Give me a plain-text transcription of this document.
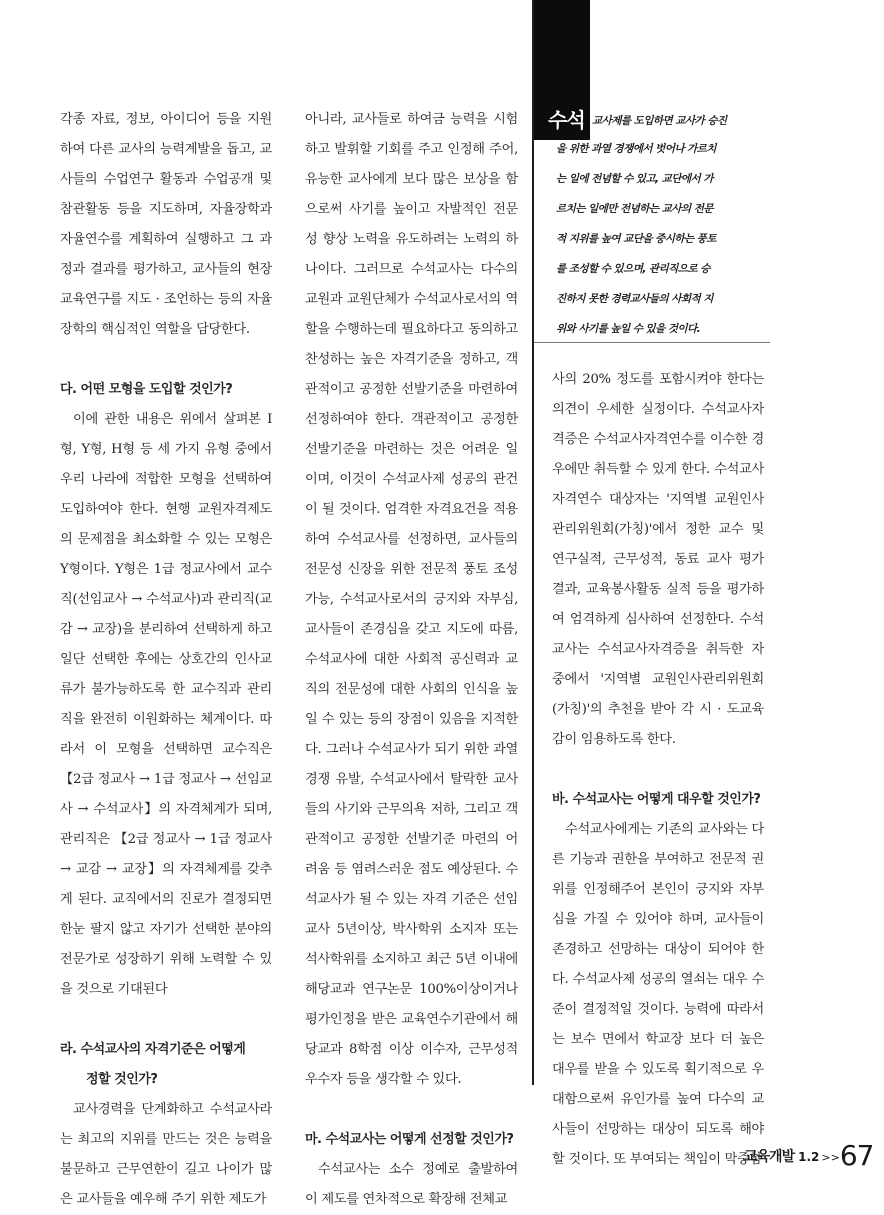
각종 자료, 정보, 아이디어 등을 지원하여 다른 교사의 능력계발을 돕고, 교사들의 수업연구 활동과 수업공개 및 참관활동 등을 지도하며, 자율장학과 자율연수를 계획하여 실행하고 그 과정과 결과를 평가하고, 교사들의 현장 교육연구를 지도 · 조언하는 등의 자율장학의 핵심적인 역할을 담당한다.

다. 어떤 모형을 도입할 것인가?

이에 관한 내용은 위에서 살펴본 I 형, Y형, H형 등 세 가지 유형 중에서 우리 나라에 적합한 모형을 선택하여 도입하여야 한다. 현행 교원자격제도의 문제점을 최소화할 수 있는 모형은 Y형이다. Y형은 1급 정교사에서 교수직(선임교사 → 수석교사)과 관리직(교감 → 교장)을 분리하여 선택하게 하고 일단 선택한 후에는 상호간의 인사교류가 불가능하도록 한 교수직과 관리직을 완전히 이원화하는 체계이다. 따라서 이 모형을 선택하면 교수직은 【2급 정교사 → 1급 정교사 → 선임교사 → 수석교사】의 자격체계가 되며, 관리직은 【2급 정교사 → 1급 정교사 → 교감 → 교장】의 자격체계를 갖추게 된다. 교직에서의 진로가 결정되면 한눈 팔지 않고 자기가 선택한 분야의 전문가로 성장하기 위해 노력할 수 있을 것으로 기대된다

라. 수석교사의 자격기준은 어떻게
정할 것인가?

교사경력을 단계화하고 수석교사라는 최고의 지위를 만드는 것은 능력을 불문하고 근무연한이 길고 나이가 많은 교사들을 예우해 주기 위한 제도가

아니라, 교사들로 하여금 능력을 시험하고 발휘할 기회를 주고 인정해 주어, 유능한 교사에게 보다 많은 보상을 함으로써 사기를 높이고 자발적인 전문성 향상 노력을 유도하려는 노력의 하나이다. 그러므로 수석교사는 다수의 교원과 교원단체가 수석교사로서의 역할을 수행하는데 필요하다고 동의하고 찬성하는 높은 자격기준을 정하고, 객관적이고 공정한 선발기준을 마련하여 선정하여야 한다. 객관적이고 공정한 선발기준을 마련하는 것은 어려운 일이며, 이것이 수석교사제 성공의 관건이 될 것이다. 엄격한 자격요건을 적용하여 수석교사를 선정하면, 교사들의 전문성 신장을 위한 전문적 풍토 조성 가능, 수석교사로서의 긍지와 자부심, 교사들이 존경심을 갖고 지도에 따름, 수석교사에 대한 사회적 공신력과 교직의 전문성에 대한 사회의 인식을 높일 수 있는 등의 장점이 있음을 지적한다. 그러나 수석교사가 되기 위한 과열경쟁 유발, 수석교사에서 탈락한 교사들의 사기와 근무의욕 저하, 그리고 객관적이고 공정한 선발기준 마련의 어려움 등 염려스러운 점도 예상된다. 수석교사가 될 수 있는 자격 기준은 선임교사 5년이상, 박사학위 소지자 또는 석사학위를 소지하고 최근 5년 이내에 해당교과 연구논문 100%이상이거나 평가인정을 받은 교육연수기관에서 해당교과 8학점 이상 이수자, 근무성적 우수자 등을 생각할 수 있다.

마. 수석교사는 어떻게 선정할 것인가?

수석교사는 소수 정예로 출발하여 이 제도를 연차적으로 확장해 전체교

수석 교사제를 도입하면 교사가 승진
을 위한 과열 경쟁에서 벗어나 가르치
는 일에 전념할 수 있고, 교단에서 가
르치는 일에만 전념하는 교사의 전문
적 지위를 높여 교단을 중시하는 풍토
를 조성할 수 있으며, 관리직으로 승
진하지 못한 경력교사들의 사회적 지
위와 사기를 높일 수 있을 것이다.

사의 20% 정도를 포함시켜야 한다는 의견이 우세한 실정이다. 수석교사자격증은 수석교사자격연수를 이수한 경우에만 취득할 수 있게 한다. 수석교사자격연수 대상자는 '지역별 교원인사관리위원회(가칭)'에서 정한 교수 및 연구실적, 근무성적, 동료 교사 평가 결과, 교육봉사활동 실적 등을 평가하여 엄격하게 심사하여 선정한다. 수석교사는 수석교사자격증을 취득한 자 중에서 '지역별 교원인사관리위원회(가칭)'의 추천을 받아 각 시 · 도교육감이 임용하도록 한다.

바. 수석교사는 어떻게 대우할 것인가?

수석교사에게는 기존의 교사와는 다른 기능과 권한을 부여하고 전문적 권위를 인정해주어 본인이 긍지와 자부심을 가질 수 있어야 하며, 교사들이 존경하고 선망하는 대상이 되어야 한다. 수석교사제 성공의 열쇠는 대우 수준이 결정적일 것이다. 능력에 따라서는 보수 면에서 학교장 보다 더 높은 대우를 받을 수 있도록 획기적으로 우대함으로써 유인가를 높여 다수의 교사들이 선망하는 대상이 되도록 해야 할 것이다. 또 부여되는 책임이 막중함

교육개발 1.2 >>67
